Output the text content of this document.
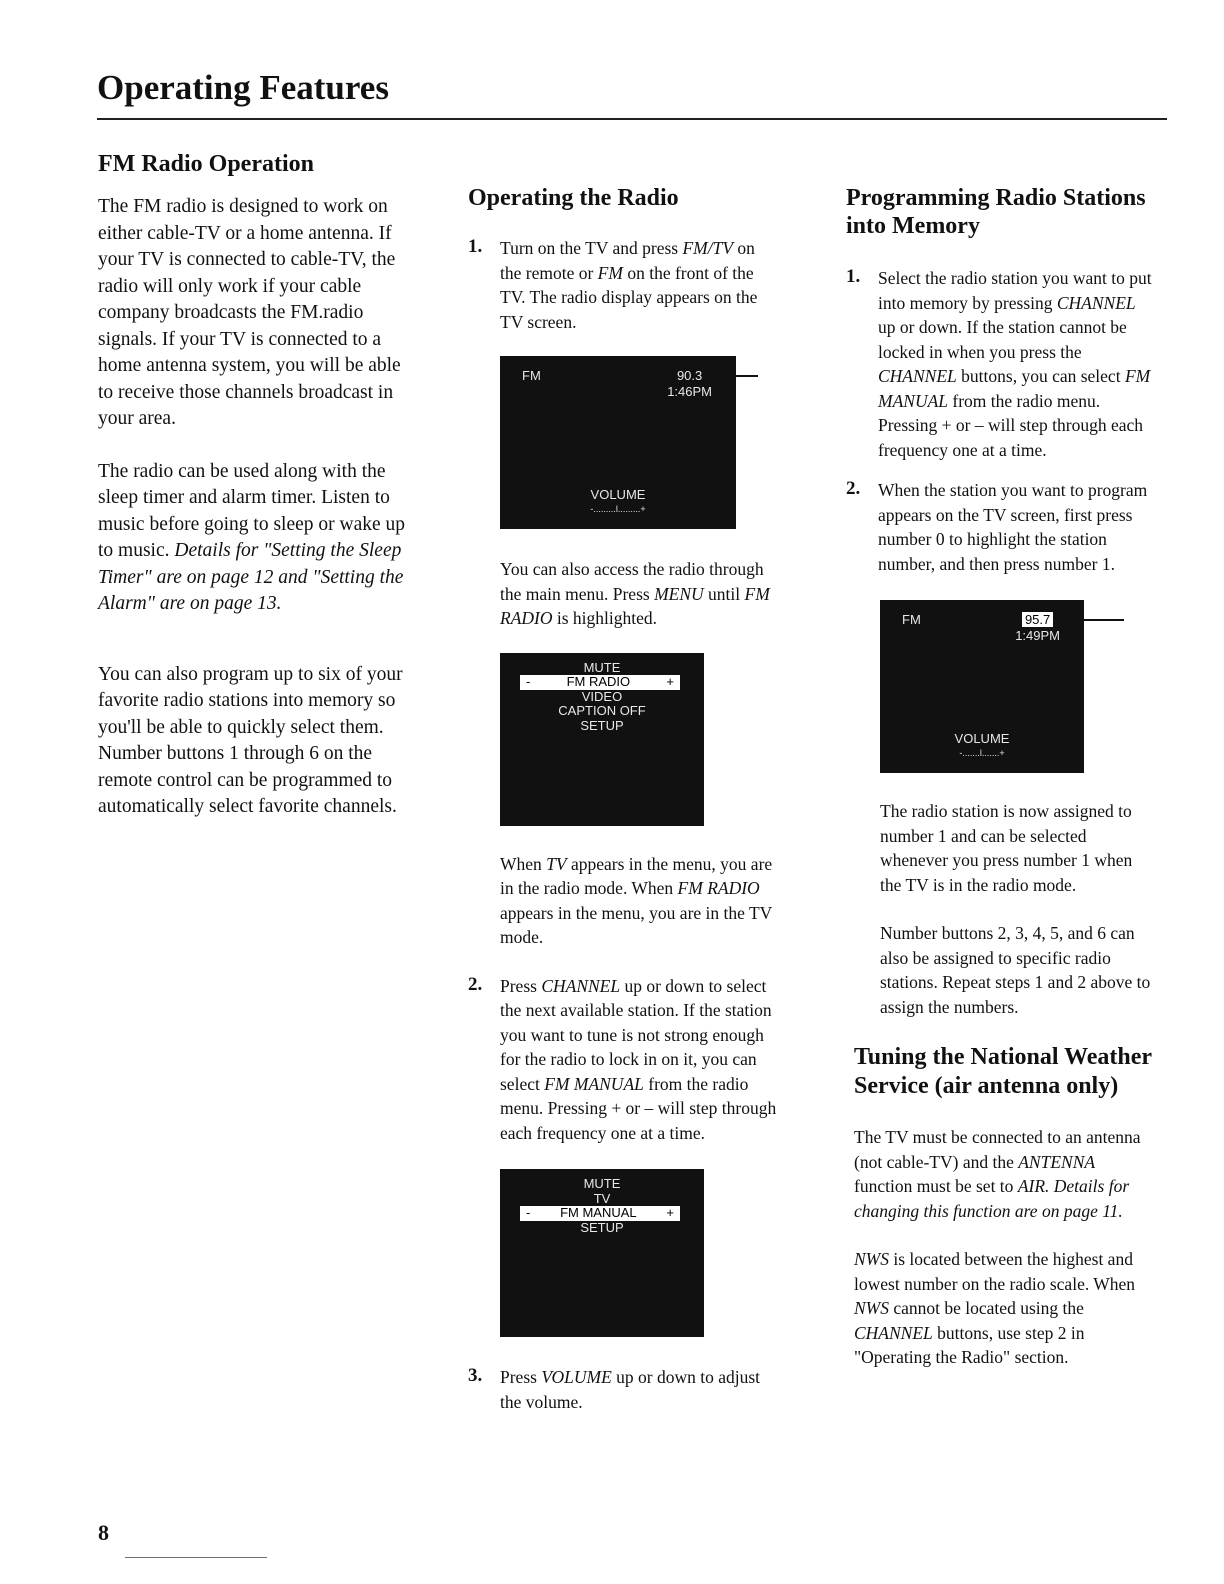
Operating Features
FM Radio Operation

The FM radio is designed to work on either cable-TV or a home antenna. If your TV is connected to cable-TV, the radio will only work if your cable company broadcasts the FM.radio signals. If your TV is connected to a home antenna system, you will be able to receive those channels broadcast in your area.

The radio can be used along with the sleep timer and alarm timer. Listen to music before going to sleep or wake up to music. Details for "Setting the Sleep Timer" are on page 12 and "Setting the Alarm" are on page 13.

You can also program up to six of your favorite radio stations into memory so you'll be able to quickly select them. Number buttons 1 through 6 on the remote control can be programmed to automatically select favorite channels.

Operating the Radio
1.	Turn on the TV and press FM/TV on the remote or FM on the front of the TV. The radio display appears on the TV screen.

FM	90.3
1:46PM
VOLUME
-.........l.........+

You can also access the radio through the main menu. Press MENU until FM RADIO is highlighted.

MUTE
-	FM RADIO	+
VIDEO
CAPTION OFF
SETUP

When TV appears in the menu, you are in the radio mode. When FM RADIO appears in the menu, you are in the TV mode.

2.	Press CHANNEL up or down to select the next available station. If the station you want to tune is not strong enough for the radio to lock in on it, you can select FM MANUAL from the radio menu. Pressing + or – will step through each frequency one at a time.

MUTE
TV
- FM MANUAL +
SETUP
3.	Press VOLUME up or down to adjust the volume.

Programming Radio Stations into Memory
1.	Select the radio station you want to put into memory by pressing CHANNEL up or down. If the station cannot be locked in when you press the CHANNEL buttons, you can select FM MANUAL from the radio menu. Pressing + or – will step through each frequency one at a time.

2.	When the station you want to program appears on the TV screen, first press number 0 to highlight the station number, and then press number 1.

FM	95.7
1:49PM
VOLUME
-.......l.......+

The radio station is now assigned to number 1 and can be selected whenever you press number 1 when the TV is in the radio mode.

Number buttons 2, 3, 4, 5, and 6 can also be assigned to specific radio stations. Repeat steps 1 and 2 above to assign the numbers.

Tuning the National Weather Service (air antenna only)

The TV must be connected to an antenna (not cable-TV) and the ANTENNA function must be set to AIR. Details for changing this function are on page 11.

NWS is located between the highest and lowest number on the radio scale. When NWS cannot be located using the CHANNEL buttons, use step 2 in "Operating the Radio" section.

8
